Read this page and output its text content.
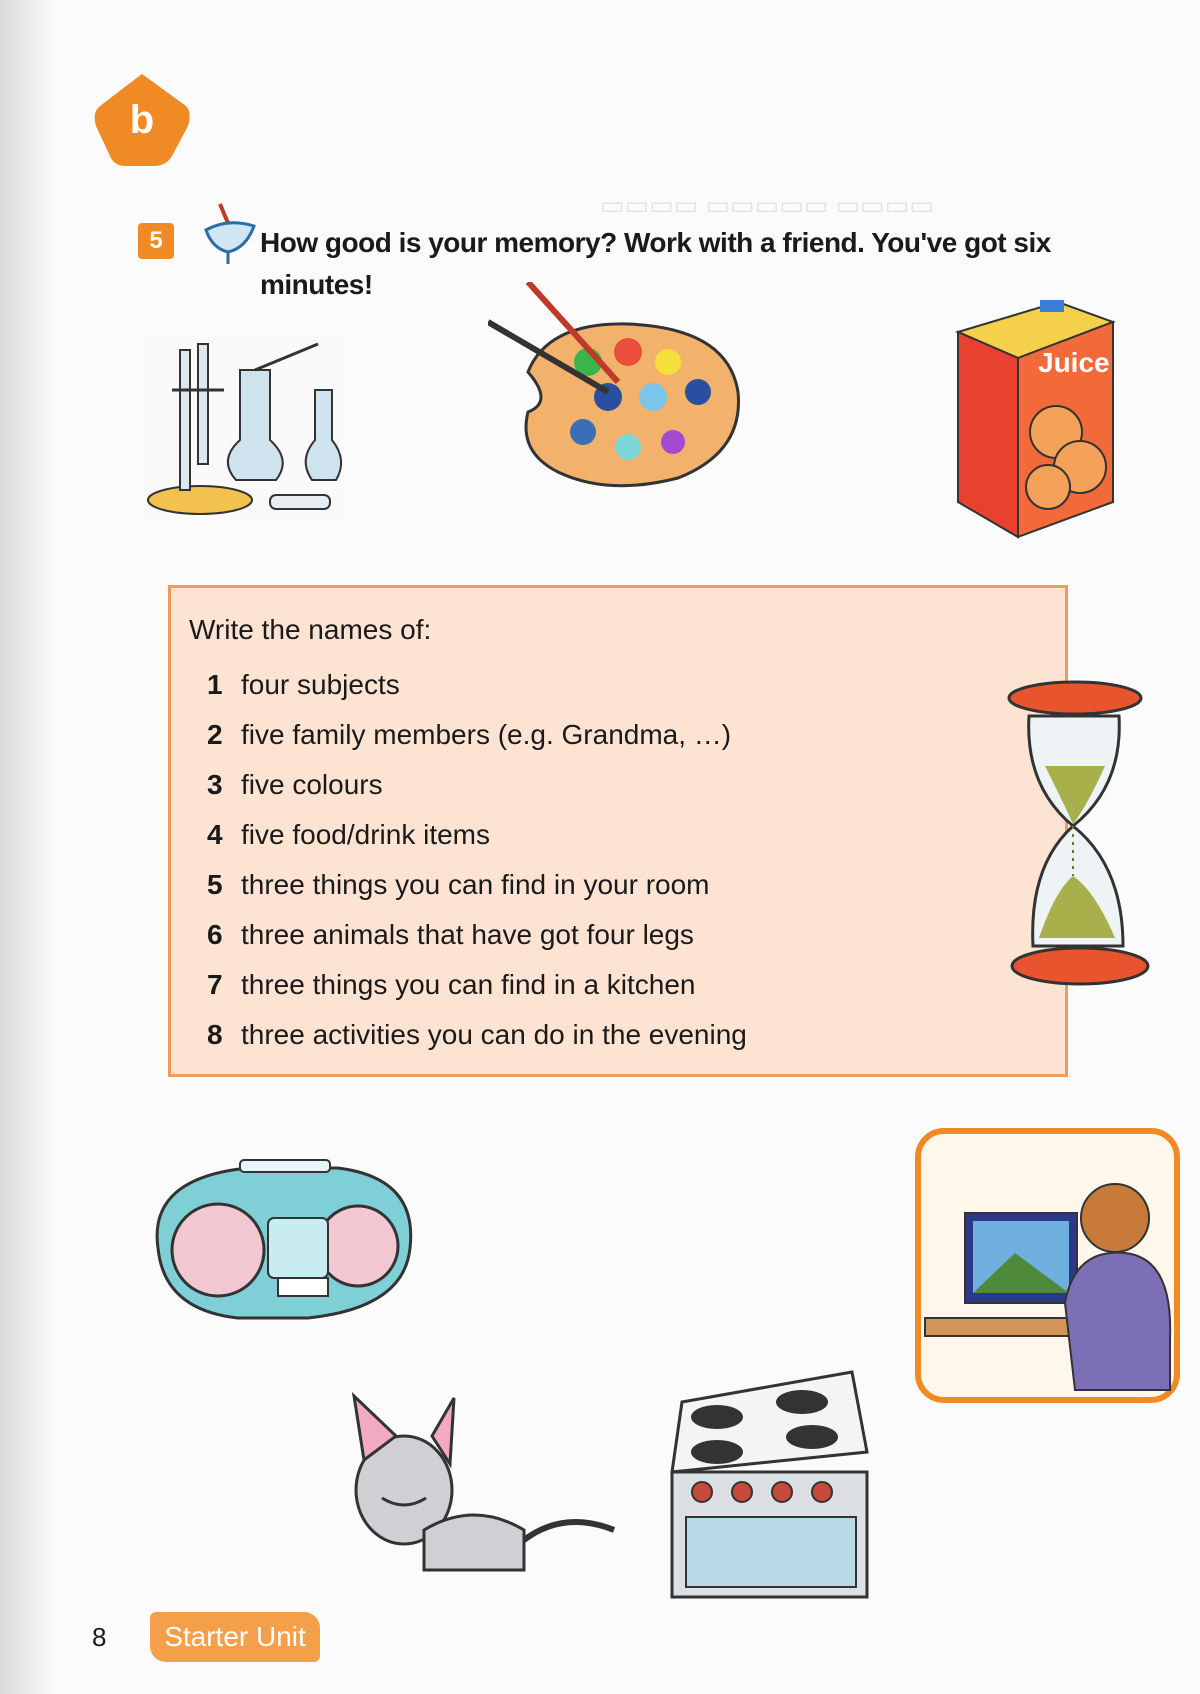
▭▭▭▭ ▭▭▭▭▭ ▭▭▭▭
b
5	How good is your memory? Work with a friend. You've got six minutes!
Juice
Write the names of:
1 four subjects
2 five family members (e.g. Grandma, …)
3 five colours
4 five food/drink items
5 three things you can find in your room
6 three animals that have got four legs
7 three things you can find in a kitchen
8 three activities you can do in the evening
8	Starter Unit
